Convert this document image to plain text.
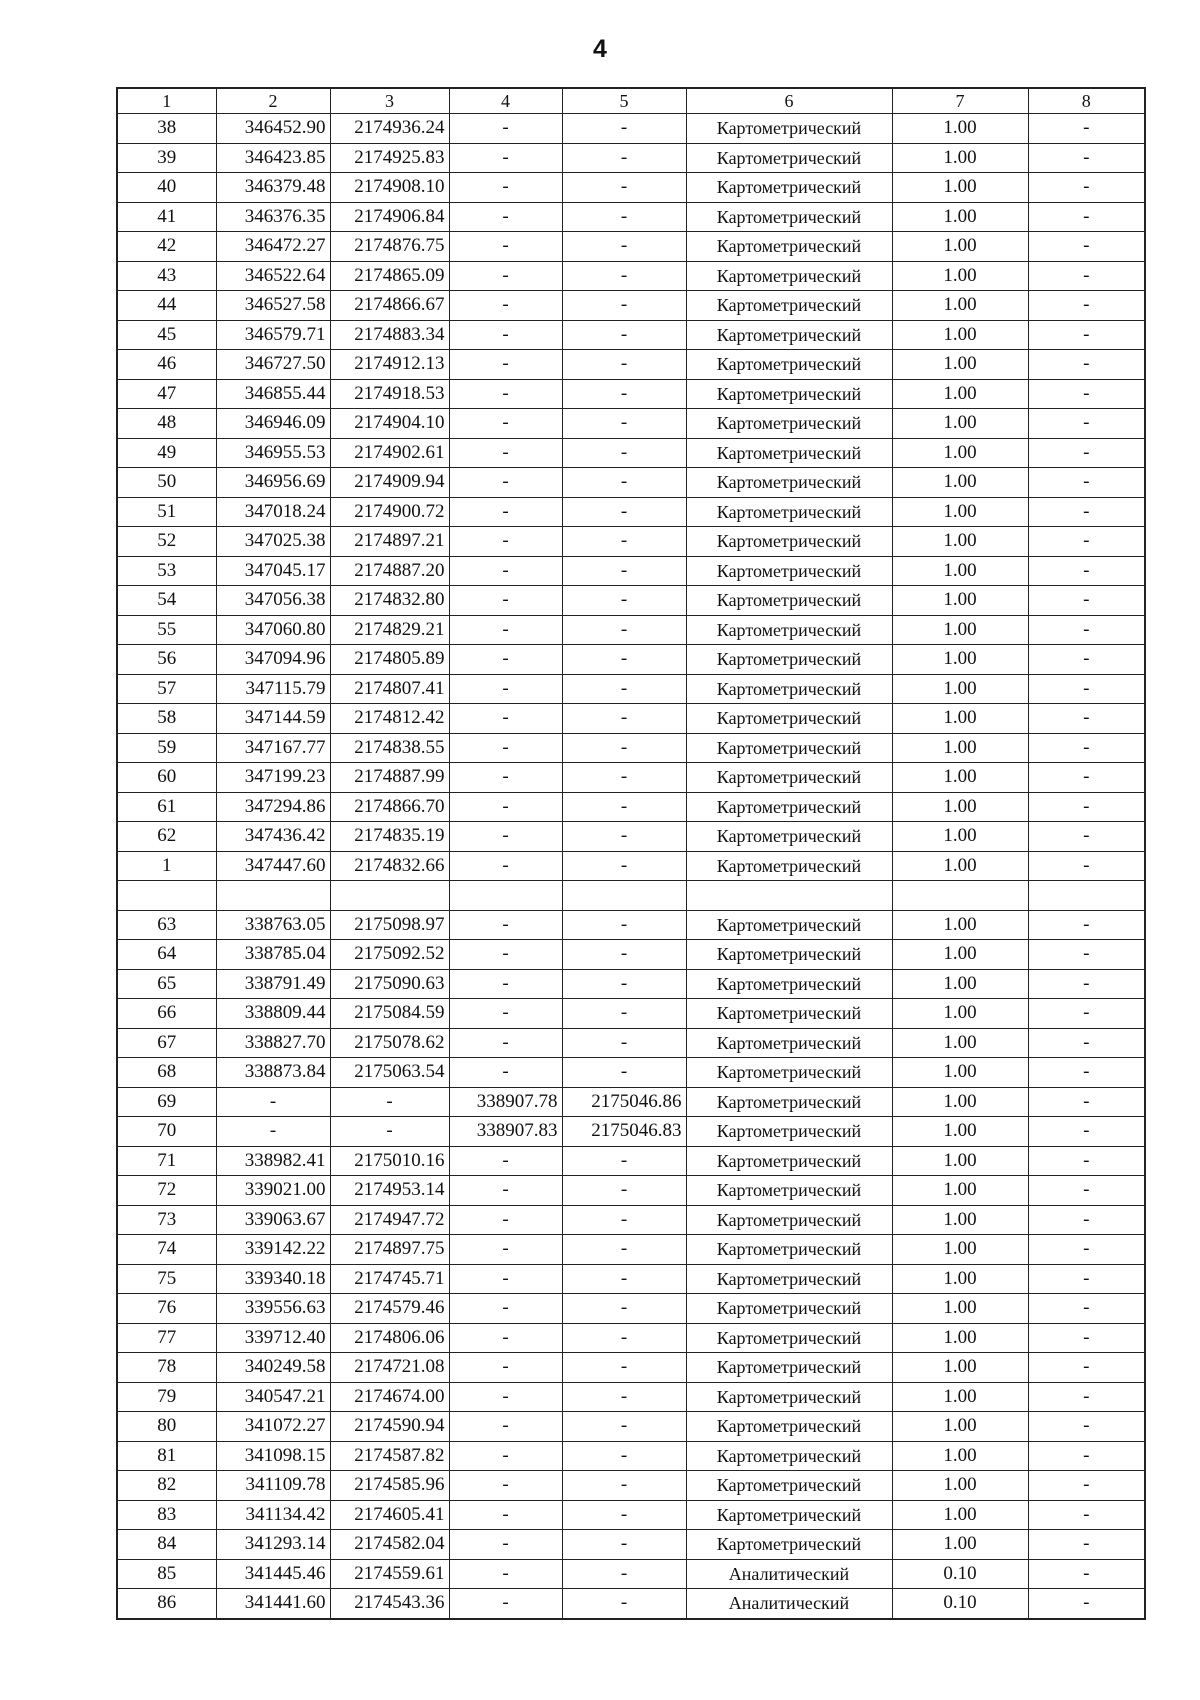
4
1	2	3	4	5	6	7	8
38	346452.90	2174936.24	-	-	Картометрический	1.00	-
39	346423.85	2174925.83	-	-	Картометрический	1.00	-
40	346379.48	2174908.10	-	-	Картометрический	1.00	-
41	346376.35	2174906.84	-	-	Картометрический	1.00	-
42	346472.27	2174876.75	-	-	Картометрический	1.00	-
43	346522.64	2174865.09	-	-	Картометрический	1.00	-
44	346527.58	2174866.67	-	-	Картометрический	1.00	-
45	346579.71	2174883.34	-	-	Картометрический	1.00	-
46	346727.50	2174912.13	-	-	Картометрический	1.00	-
47	346855.44	2174918.53	-	-	Картометрический	1.00	-
48	346946.09	2174904.10	-	-	Картометрический	1.00	-
49	346955.53	2174902.61	-	-	Картометрический	1.00	-
50	346956.69	2174909.94	-	-	Картометрический	1.00	-
51	347018.24	2174900.72	-	-	Картометрический	1.00	-
52	347025.38	2174897.21	-	-	Картометрический	1.00	-
53	347045.17	2174887.20	-	-	Картометрический	1.00	-
54	347056.38	2174832.80	-	-	Картометрический	1.00	-
55	347060.80	2174829.21	-	-	Картометрический	1.00	-
56	347094.96	2174805.89	-	-	Картометрический	1.00	-
57	347115.79	2174807.41	-	-	Картометрический	1.00	-
58	347144.59	2174812.42	-	-	Картометрический	1.00	-
59	347167.77	2174838.55	-	-	Картометрический	1.00	-
60	347199.23	2174887.99	-	-	Картометрический	1.00	-
61	347294.86	2174866.70	-	-	Картометрический	1.00	-
62	347436.42	2174835.19	-	-	Картометрический	1.00	-
1	347447.60	2174832.66	-	-	Картометрический	1.00	-

63	338763.05	2175098.97	-	-	Картометрический	1.00	-
64	338785.04	2175092.52	-	-	Картометрический	1.00	-
65	338791.49	2175090.63	-	-	Картометрический	1.00	-
66	338809.44	2175084.59	-	-	Картометрический	1.00	-
67	338827.70	2175078.62	-	-	Картометрический	1.00	-
68	338873.84	2175063.54	-	-	Картометрический	1.00	-
69	-	-	338907.78	2175046.86	Картометрический	1.00	-
70	-	-	338907.83	2175046.83	Картометрический	1.00	-
71	338982.41	2175010.16	-	-	Картометрический	1.00	-
72	339021.00	2174953.14	-	-	Картометрический	1.00	-
73	339063.67	2174947.72	-	-	Картометрический	1.00	-
74	339142.22	2174897.75	-	-	Картометрический	1.00	-
75	339340.18	2174745.71	-	-	Картометрический	1.00	-
76	339556.63	2174579.46	-	-	Картометрический	1.00	-
77	339712.40	2174806.06	-	-	Картометрический	1.00	-
78	340249.58	2174721.08	-	-	Картометрический	1.00	-
79	340547.21	2174674.00	-	-	Картометрический	1.00	-
80	341072.27	2174590.94	-	-	Картометрический	1.00	-
81	341098.15	2174587.82	-	-	Картометрический	1.00	-
82	341109.78	2174585.96	-	-	Картометрический	1.00	-
83	341134.42	2174605.41	-	-	Картометрический	1.00	-
84	341293.14	2174582.04	-	-	Картометрический	1.00	-
85	341445.46	2174559.61	-	-	Аналитический	0.10	-
86	341441.60	2174543.36	-	-	Аналитический	0.10	-
